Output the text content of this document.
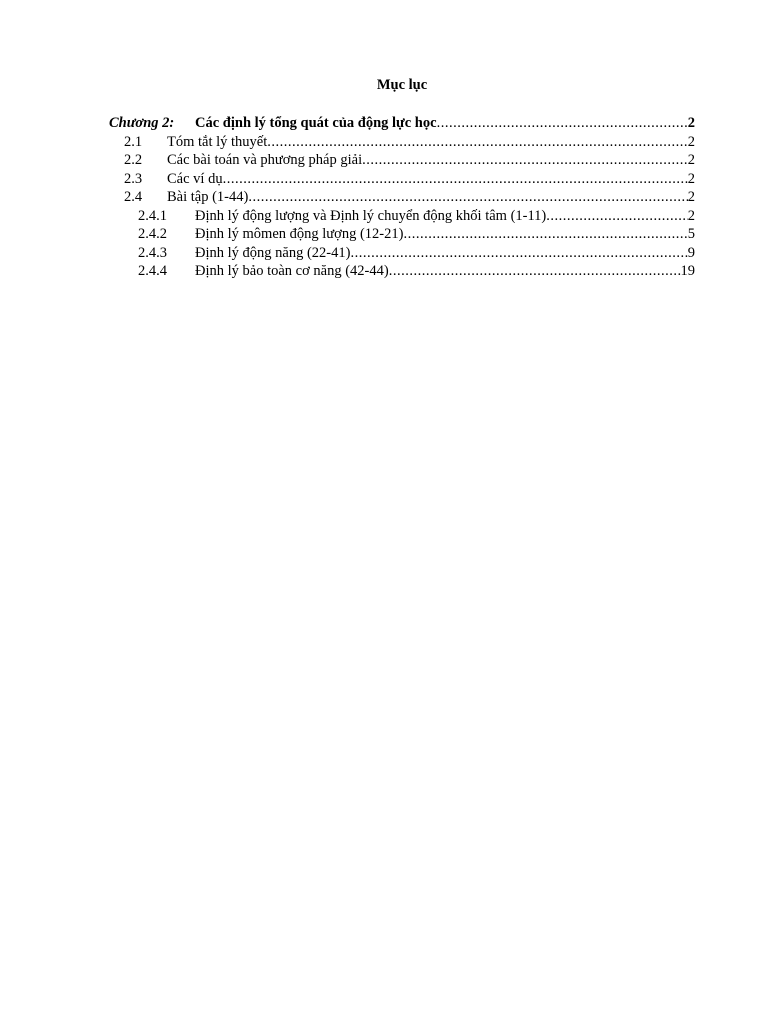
Mục lục
Chương 2:	Các định lý tổng quát của động lực học .....	2
2.1	Tóm tắt lý thuyết .....	2
2.2	Các bài toán và phương pháp giải .....	2
2.3	Các ví dụ .....	2
2.4	Bài tập (1-44) .....	2
2.4.1	Định lý động lượng và Định lý chuyển động khối tâm (1-11) .....	2
2.4.2	Định lý mômen động lượng (12-21) .....	5
2.4.3	Định lý động năng (22-41) .....	9
2.4.4	Định lý bảo toàn cơ năng (42-44) .....	19
